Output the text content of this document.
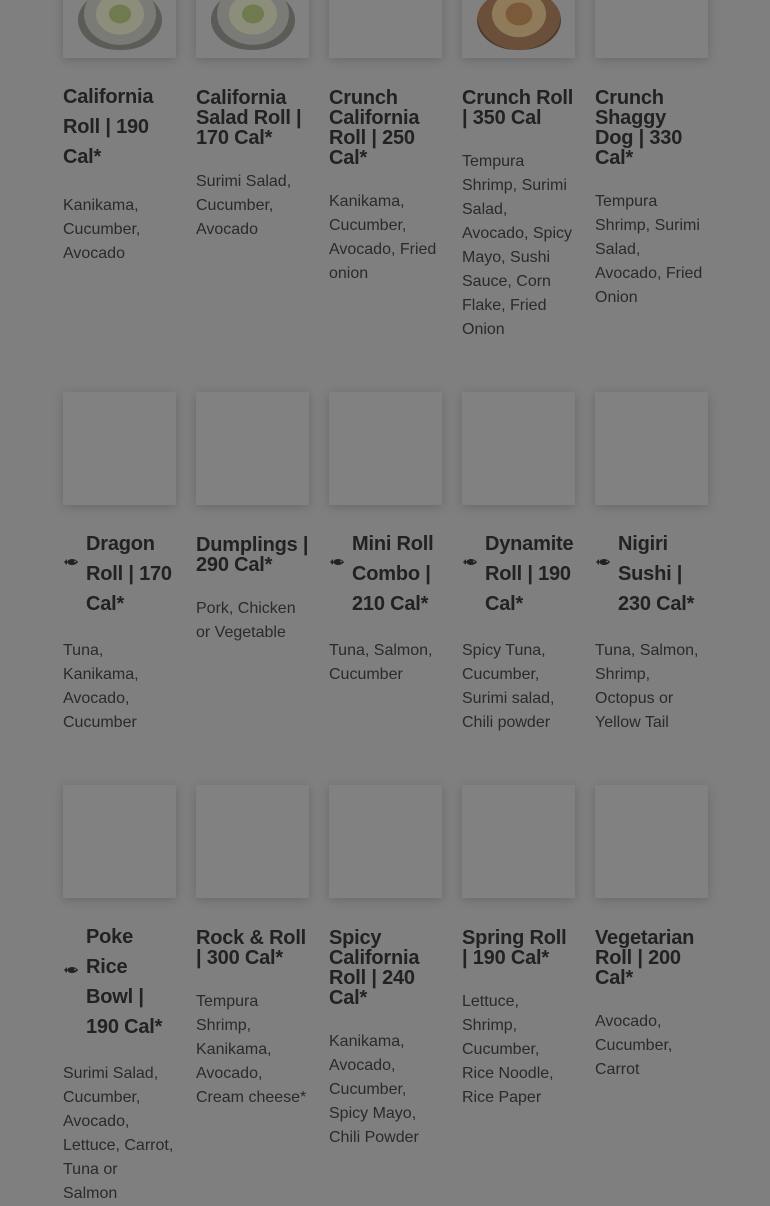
California Roll | 190 Cal*
Kanikama, Cucumber, Avocado
California Salad Roll | 170 Cal*
Surimi Salad, Cucumber, Avocado
Crunch California Roll | 250 Cal*
Kanikama, Cucumber, Avocado, Fried onion
Crunch Roll | 350 Cal
Tempura Shrimp, Surimi Salad, Avocado, Spicy Mayo, Sushi Sauce, Corn Flake, Fried Onion
Crunch Shaggy Dog | 330 Cal*
Tempura Shrimp, Surimi Salad, Avocado, Fried Onion
Dragon Roll | 170 Cal*
Tuna, Kanikama, Avocado, Cucumber
Dumplings | 290 Cal*
Pork, Chicken or Vegetable
Mini Roll Combo | 210 Cal*
Tuna, Salmon, Cucumber
Dynamite Roll | 190 Cal*
Spicy Tuna, Cucumber, Surimi salad, Chili powder
Nigiri Sushi | 230 Cal*
Tuna, Salmon, Shrimp, Octopus or Yellow Tail
Poke Rice Bowl | 190 Cal*
Surimi Salad, Cucumber, Avocado, Lettuce, Carrot, Tuna or Salmon
Rock & Roll | 300 Cal*
Tempura Shrimp, Kanikama, Avocado, Cream cheese*
Spicy California Roll | 240 Cal*
Kanikama, Avocado, Cucumber, Spicy Mayo, Chili Powder
Spring Roll | 190 Cal*
Lettuce, Shrimp, Cucumber, Rice Noodle, Rice Paper
Vegetarian Roll | 200 Cal*
Avocado, Cucumber, Carrot
